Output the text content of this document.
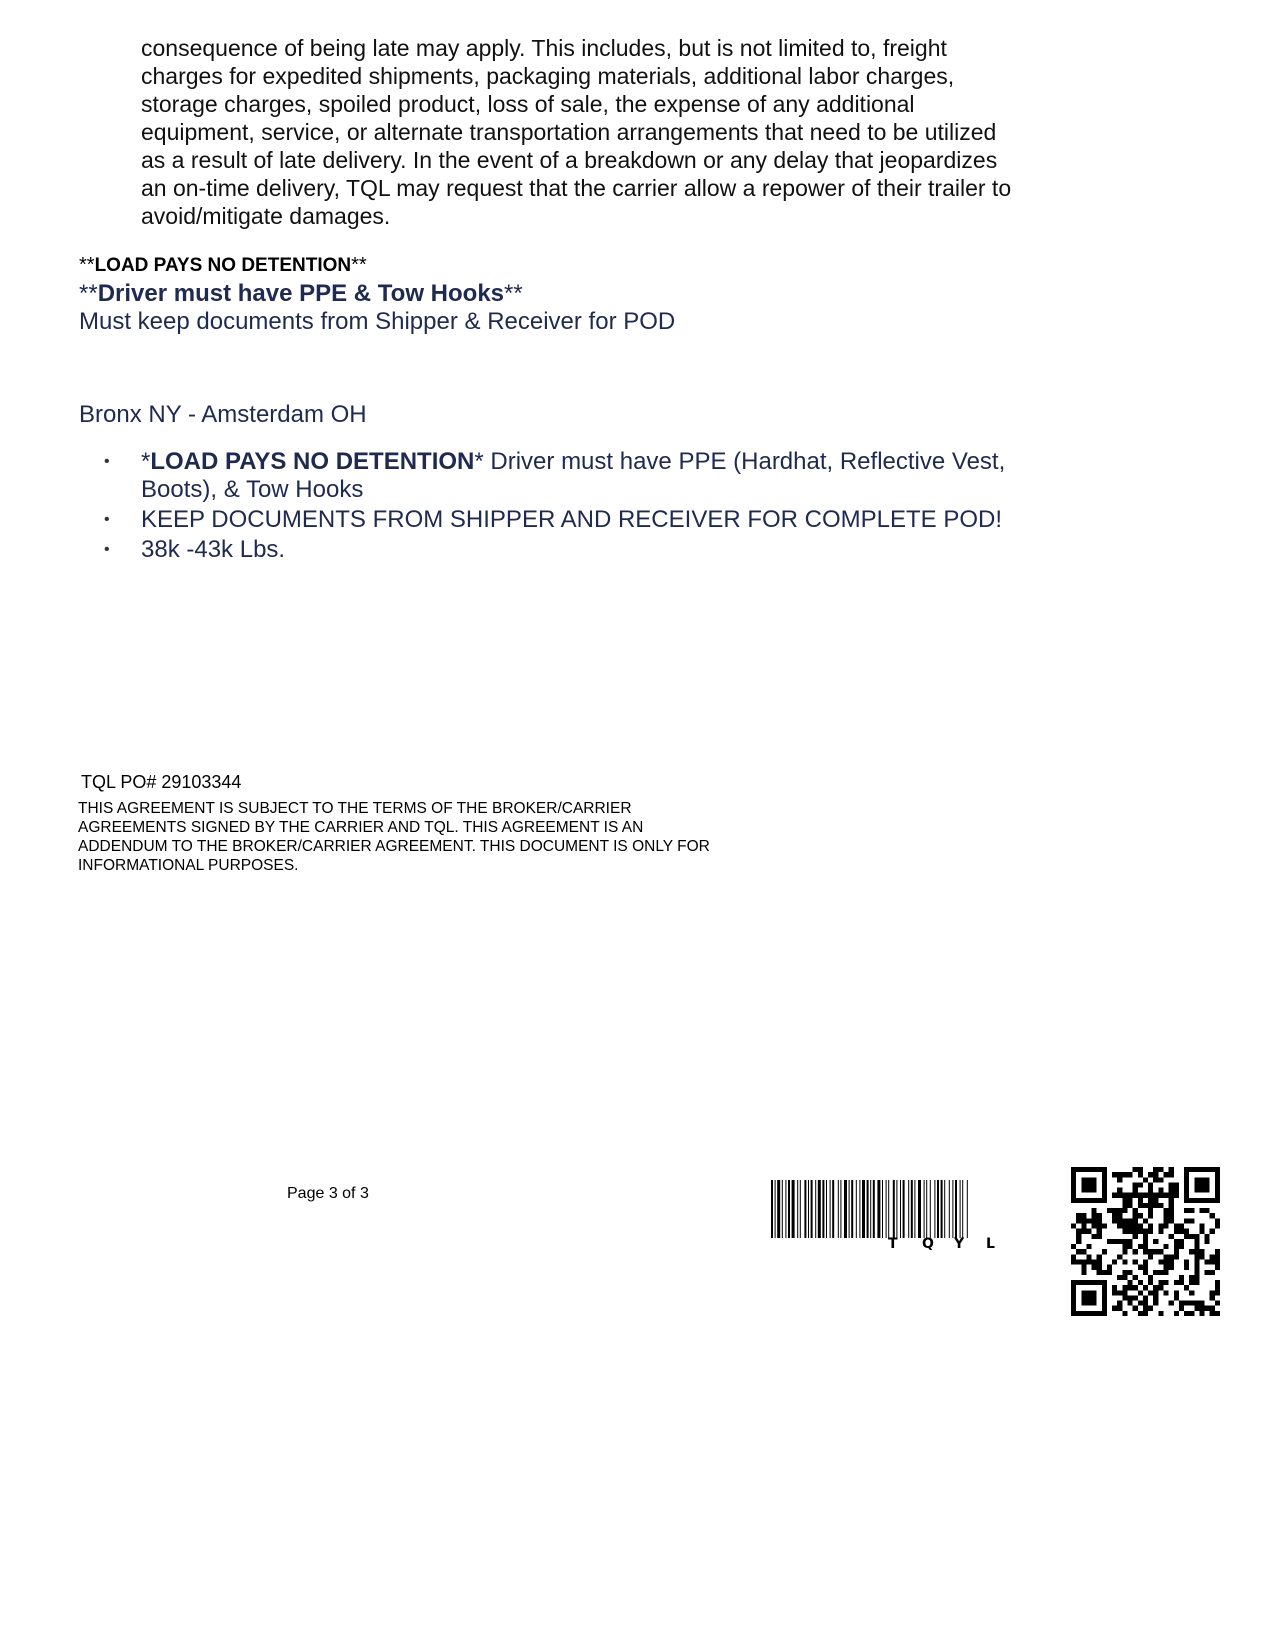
consequence of being late may apply. This includes, but is not limited to, freight
charges for expedited shipments, packaging materials, additional labor charges,
storage charges, spoiled product, loss of sale, the expense of any additional
equipment, service, or alternate transportation arrangements that need to be utilized
as a result of late delivery. In the event of a breakdown or any delay that jeopardizes
an on-time delivery, TQL may request that the carrier allow a repower of their trailer to
avoid/mitigate damages.

**LOAD PAYS NO DETENTION**
**Driver must have PPE & Tow Hooks**
Must keep documents from Shipper & Receiver for POD
Bronx NY - Amsterdam OH
• *LOAD PAYS NO DETENTION* Driver must have PPE (Hardhat, Reflective Vest, Boots), & Tow Hooks
• KEEP DOCUMENTS FROM SHIPPER AND RECEIVER FOR COMPLETE POD!
• 38k -43k Lbs.
TQL PO# 29103344

THIS AGREEMENT IS SUBJECT TO THE TERMS OF THE BROKER/CARRIER
AGREEMENTS SIGNED BY THE CARRIER AND TQL. THIS AGREEMENT IS AN
ADDENDUM TO THE BROKER/CARRIER AGREEMENT. THIS DOCUMENT IS ONLY FOR
INFORMATIONAL PURPOSES.

Page 3 of 3
T Q Y L
